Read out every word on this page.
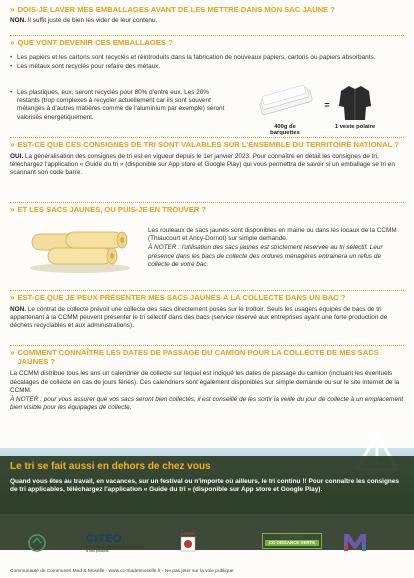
» DOIS-JE LAVER MES EMBALLAGES AVANT DE LES METTRE DANS MON SAC JAUNE ?
NON. Il suffit juste de bien les vider de leur contenu.
» QUE VONT DEVENIR CES EMBALLAGES ?
• Les papiers et les cartons sont recyclés et réintroduits dans la fabrication de nouveaux papiers, cartons ou papiers absorbants.
• Les métaux sont recyclés pour refaire des métaux.
• Les plastiques, eux, seront recyclés pour 80% d'entre eux. Les 20% restants (trop complexes à recycler actuellement car ils sont souvent mélangés à d'autres matières comme de l'aluminium par exemple) seront valorisés énergétiquement.
400g de barquettes
=
1 veste polaire
» EST-CE QUE CES CONSIGNES DE TRI SONT VALABLES SUR L'ENSEMBLE DU TERRITOIRE NATIONAL ?
OUI. La généralisation des consignes de tri est en vigueur depuis le 1er janvier 2023. Pour connaître en détail les consignes de tri, téléchargez l'application « Guide du tri » (disponible sur App store et Google Play) qui vous permettra de savoir si un emballage se tri en scannant son code barre.
» ET LES SACS JAUNES, OU PUIS-JE EN TROUVER ?
Les rouleaux de sacs jaunes sont disponibles en mairie ou dans les locaux de la CCMM (Thiaucourt et Ancy-Dornot) sur simple demande.
À NOTER : l'utilisation des sacs jaunes est strictement réservée au tri sélectif. Leur présence dans les bacs de collecte des ordures ménagères entrainera un refus de collecte de votre bac.
» EST-CE QUE JE PEUX PRÉSENTER MES SACS JAUNES À LA COLLECTE DANS UN BAC ?
NON. Le contrat de collecte prévoit une collecte des sacs directement posés sur le trottoir. Seuls les usagers équipés de bacs de tri appartenant à la CCMM peuvent présenter le tri sélectif dans des bacs (service réservé aux entreprises ayant une forte production de déchets recyclables et aux administrations).
» COMMENT CONNAÎTRE LES DATES DE PASSAGE DU CAMION POUR LA COLLECTE DE MES SACS JAUNES ?
La CCMM distribue tous les ans un calendrier de collecte sur lequel est indiqué les dates de passage du camion (incluant les éventuels décalages de collecte en cas de jours fériés). Ces calendriers sont également disponibles sur simple demande ou sur le site internet de la CCMM.
À NOTER : pour vous assurer que vos sacs seront bien collectés, il est conseillé de les sortir la veille du jour de collecte à un emplacement bien visible pour les équipages de collecte.
Le tri se fait aussi en dehors de chez vous
Quand vous êtes au travail, en vacances, sur un festival ou n'importe où ailleurs, le tri continu !! Pour connaître les consignes de tri applicables, téléchargez l'application « Guide du tri » (disponible sur App store et Google Play).
CITEO
Donnons ensemble une nouvelle vie à nos produits
ADEME
CO-DIGITALE
CO DISSANCE VERTE
Communauté de Communes Mad & Moselle - www.cc-madetmoselle.fr - Ne pas jeter sur la voie publique
